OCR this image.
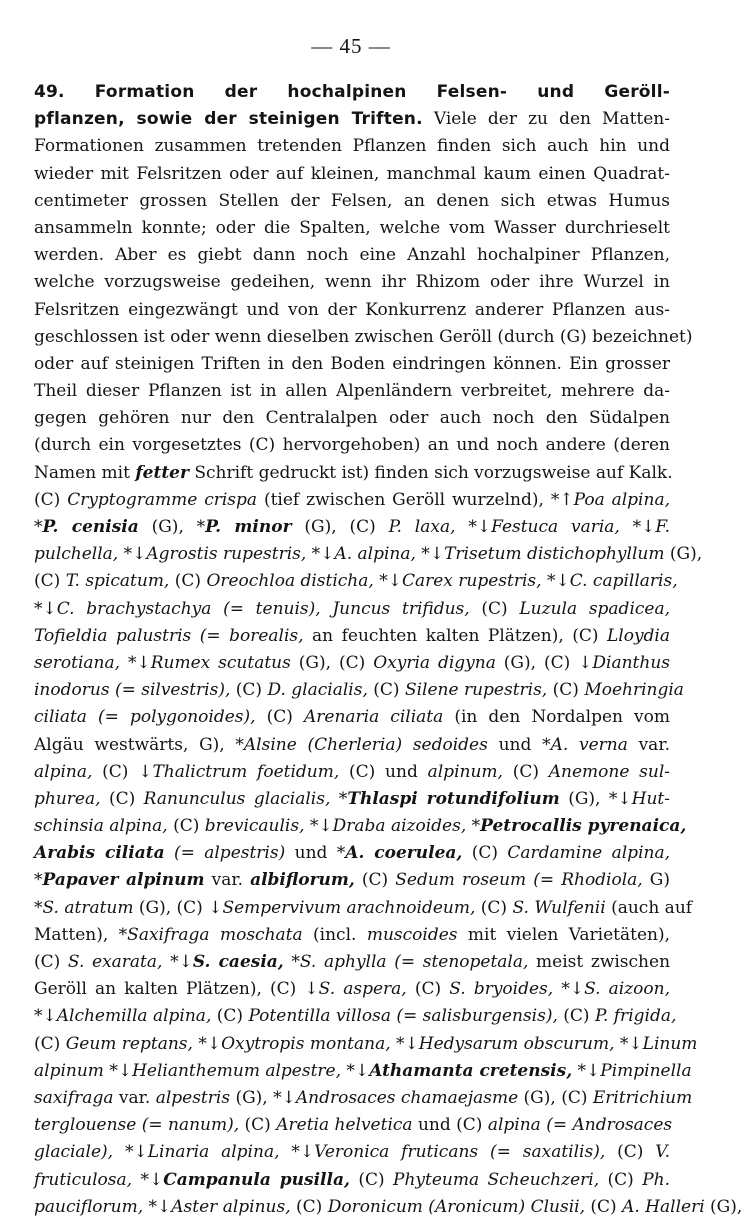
— 45 —
49. Formation der hochalpinen Felsen- und Geröll-
pflanzen, sowie der steinigen Triften. Viele der zu den Matten-
Formationen zusammen tretenden Pflanzen finden sich auch hin und
wieder mit Felsritzen oder auf kleinen, manchmal kaum einen Quadrat-
centimeter grossen Stellen der Felsen, an denen sich etwas Humus
ansammeln konnte; oder die Spalten, welche vom Wasser durchrieselt
werden. Aber es giebt dann noch eine Anzahl hochalpiner Pflanzen,
welche vorzugsweise gedeihen, wenn ihr Rhizom oder ihre Wurzel in
Felsritzen eingezwängt und von der Konkurrenz anderer Pflanzen aus-
geschlossen ist oder wenn dieselben zwischen Geröll (durch (G) bezeichnet)
oder auf steinigen Triften in den Boden eindringen können. Ein grosser
Theil dieser Pflanzen ist in allen Alpenländern verbreitet, mehrere da-
gegen gehören nur den Centralalpen oder auch noch den Südalpen
(durch ein vorgesetztes (C) hervorgehoben) an und noch andere (deren
Namen mit fetter Schrift gedruckt ist) finden sich vorzugsweise auf Kalk.
(C) Cryptogramme crispa (tief zwischen Geröll wurzelnd), *↑Poa alpina,
*P. cenisia (G), *P. minor (G), (C) P. laxa, *↓Festuca varia, *↓F.
pulchella, *↓Agrostis rupestris, *↓A. alpina, *↓Trisetum distichophyllum (G),
(C) T. spicatum, (C) Oreochloa disticha, *↓Carex rupestris, *↓C. capillaris,
*↓C. brachystachya (= tenuis), Juncus trifidus, (C) Luzula spadicea,
Tofieldia palustris (= borealis, an feuchten kalten Plätzen), (C) Lloydia
serotiana, *↓Rumex scutatus (G), (C) Oxyria digyna (G), (C) ↓Dianthus
inodorus (= silvestris), (C) D. glacialis, (C) Silene rupestris, (C) Moehringia
ciliata (= polygonoides), (C) Arenaria ciliata (in den Nordalpen vom
Algäu westwärts, G), *Alsine (Cherleria) sedoides und *A. verna var.
alpina, (C) ↓Thalictrum foetidum, (C) und alpinum, (C) Anemone sul-
phurea, (C) Ranunculus glacialis, *Thlaspi rotundifolium (G), *↓Hut-
schinsia alpina, (C) brevicaulis, *↓Draba aizoides, *Petrocallis pyrenaica,
Arabis ciliata (= alpestris) und *A. coerulea, (C) Cardamine alpina,
*Papaver alpinum var. albiflorum, (C) Sedum roseum (= Rhodiola, G)
*S. atratum (G), (C) ↓Sempervivum arachnoideum, (C) S. Wulfenii (auch auf
Matten), *Saxifraga moschata (incl. muscoides mit vielen Varietäten),
(C) S. exarata, *↓S. caesia, *S. aphylla (= stenopetala, meist zwischen
Geröll an kalten Plätzen), (C) ↓S. aspera, (C) S. bryoides, *↓S. aizoon,
*↓Alchemilla alpina, (C) Potentilla villosa (= salisburgensis), (C) P. frigida,
(C) Geum reptans, *↓Oxytropis montana, *↓Hedysarum obscurum, *↓Linum
alpinum *↓Helianthemum alpestre, *↓Athamanta cretensis, *↓Pimpinella
saxifraga var. alpestris (G), *↓Androsaces chamaejasme (G), (C) Eritrichium
terglouense (= nanum), (C) Aretia helvetica und (C) alpina (= Androsaces
glaciale), *↓Linaria alpina, *↓Veronica fruticans (= saxatilis), (C) V.
fruticulosa, *↓Campanula pusilla, (C) Phyteuma Scheuchzeri, (C) Ph.
pauciflorum, *↓Aster alpinus, (C) Doronicum (Aronicum) Clusii, (C) A. Halleri (G),
